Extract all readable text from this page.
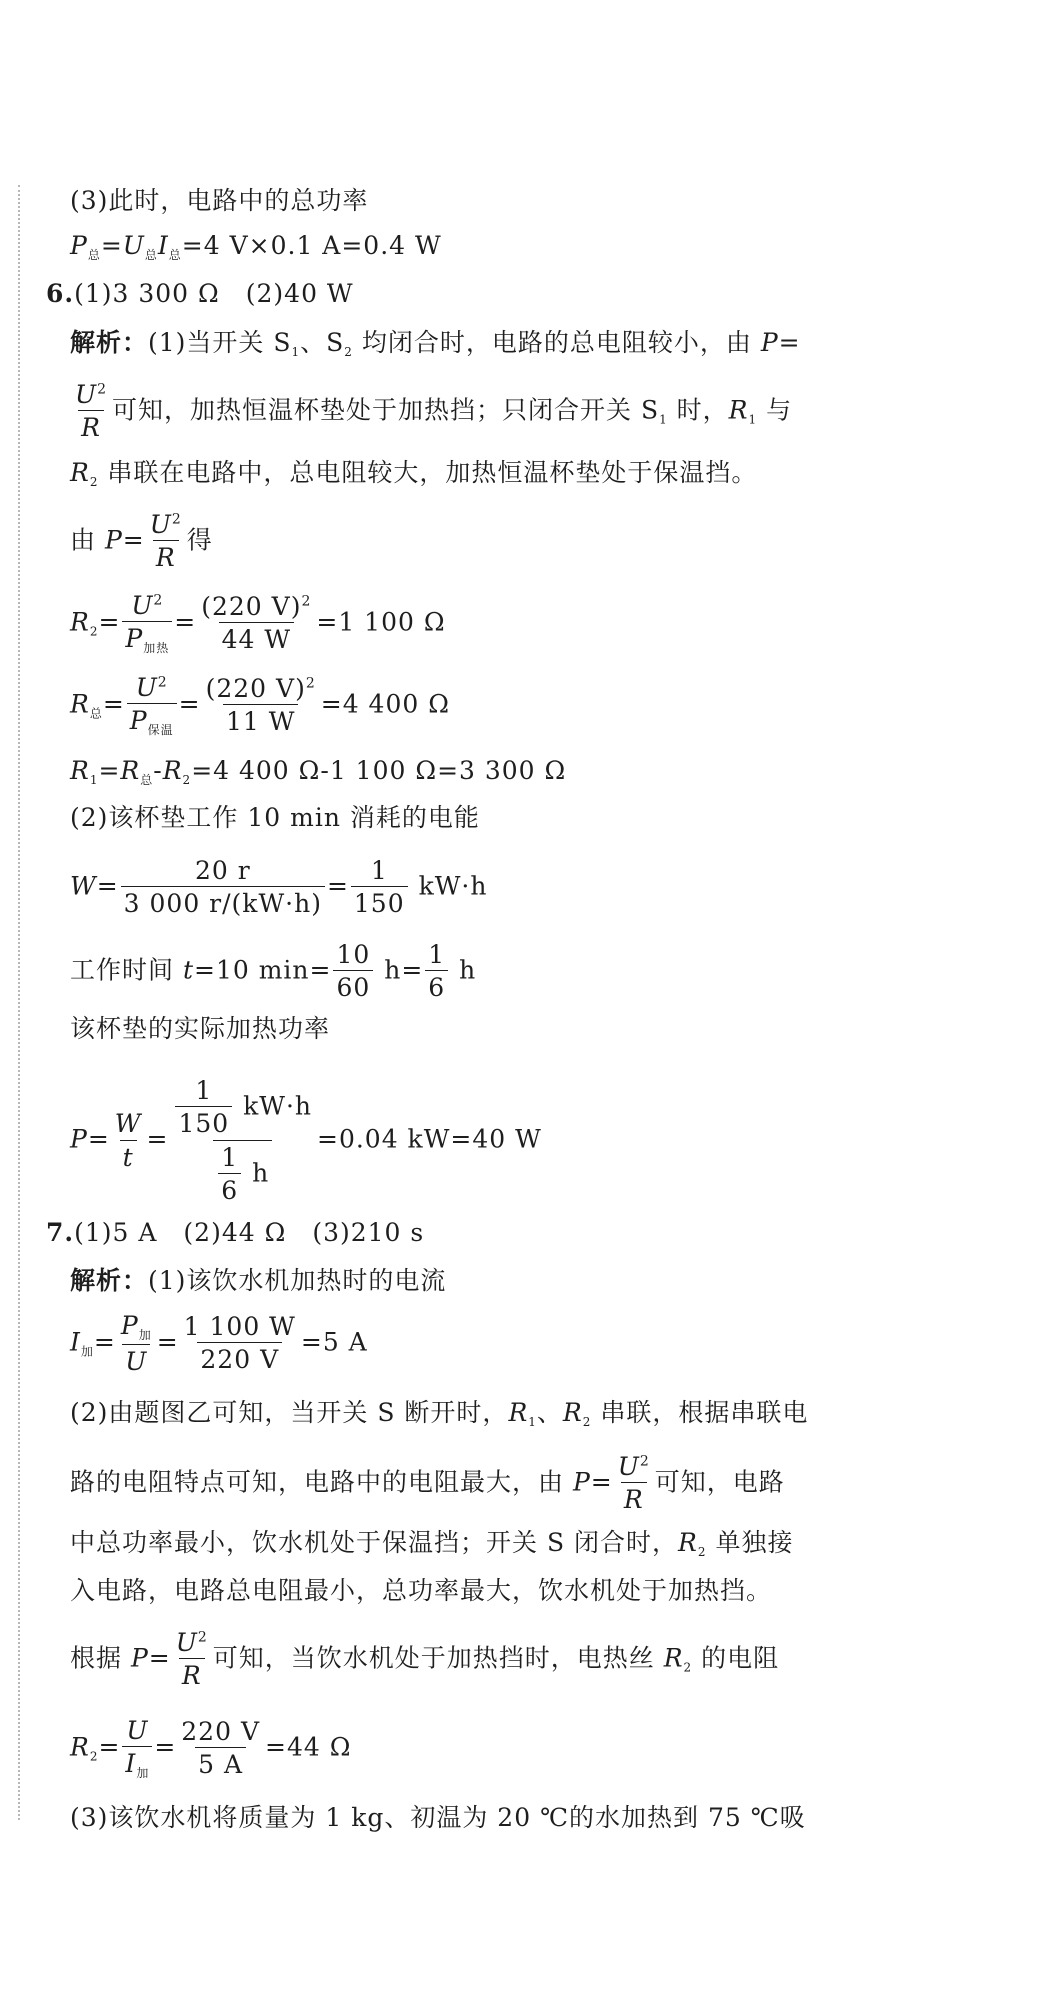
(3)此时，电路中的总功率
$P_总=U_总I_总=4$ V×0.1 A=0.4 W
6.(1)3 300 Ω　(2)40 W
解析：(1)当开关 $S_1$、$S_2$ 均闭合时，电路的总电阻较小，由 P=
$\frac{U^2}{R}$ 可知，加热恒温杯垫处于加热挡；只闭合开关 $S_1$ 时，$R_1$ 与
$R_2$ 串联在电路中，总电阻较大，加热恒温杯垫处于保温挡。
由 $P= \frac{U^2}{R}$ 得
$R_2= \frac{U^2}{P_{加热}} = \frac{(220 V)^2}{44 W} =1$ 100 Ω
$R_总= \frac{U^2}{P_{保温}} = \frac{(220 V)^2}{11 W} =4$ 400 Ω
$R_1=R_总-R_2=4$ 400 Ω-1 100 Ω=3 300 Ω
(2)该杯垫工作 10 min 消耗的电能
$W= \frac{20 r}{3 000 r/(kW\cdot h)} = \frac{1}{150} kW\cdot h$
工作时间 t=10 $\min= \frac{10}{60} h= \frac{1}{6}$ h
该杯垫的实际加热功率
$P= \frac{W}{t} = \frac{\frac{1}{150} kW\cdot h}{\frac{1}{6} h} =0.04$ kW=40 W
7.(1)5 A　(2)44 Ω　(3)210 s
解析：(1)该饮水机加热时的电流
$I_加= \frac{P_加}{U} = \frac{1 100 W}{220 V} =5$ A
(2)由题图乙可知，当开关 S 断开时，$R_1$、$R_2$ 串联，根据串联电
路的电阻特点可知，电路中的电阻最大，由 $P= \frac{U^2}{R}$ 可知，电路
中总功率最小，饮水机处于保温挡；开关 S 闭合时，$R_2$ 单独接
入电路，电路总电阻最小，总功率最大，饮水机处于加热挡。
根据 $P= \frac{U^2}{R}$ 可知，当饮水机处于加热挡时，电热丝 $R_2$ 的电阻
$R_2= \frac{U}{I_加} = \frac{220 V}{5 A} =44$ Ω
(3)该饮水机将质量为 1 kg、初温为 20 ℃的水加热到 75 ℃吸
